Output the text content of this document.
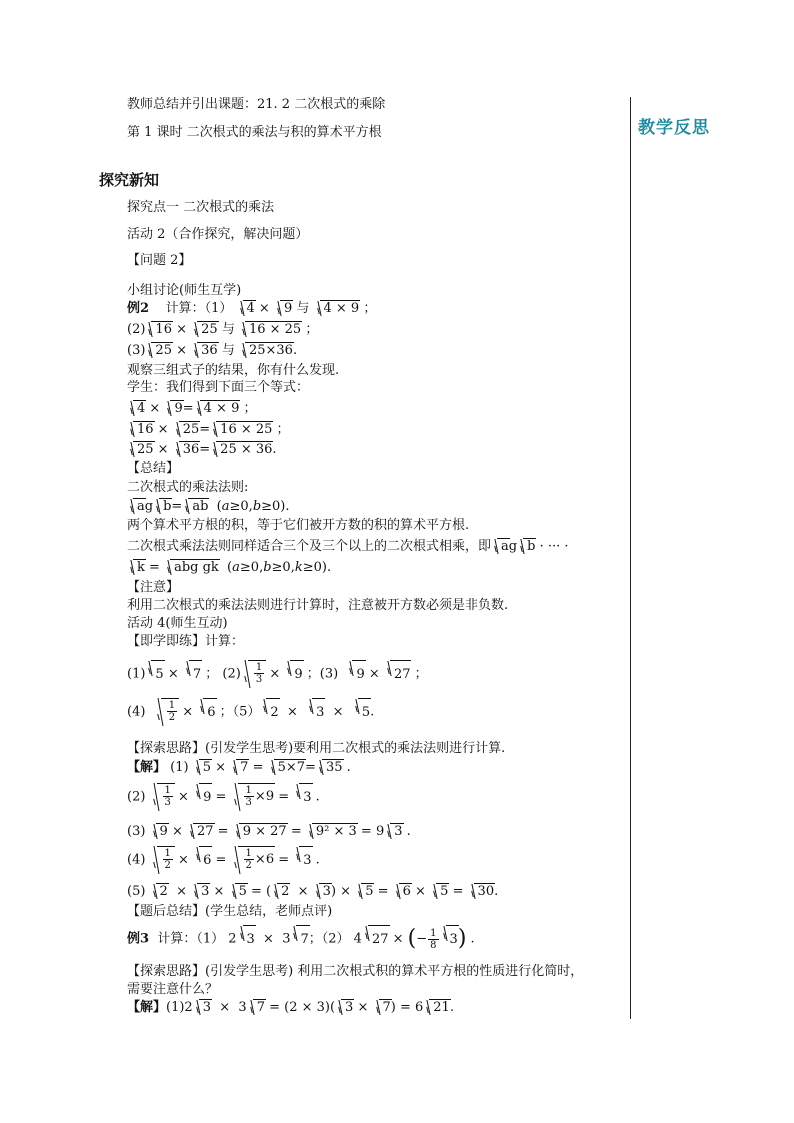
教学反思
教师总结并引出课题：21. 2 二次根式的乘除
第 1 课时 二次根式的乘法与积的算术平方根
探究新知
探究点一 二次根式的乘法
活动 2（合作探究，解决问题）
【问题 2】
小组讨论(师生互学)
例2 计算：（1） 4 ×
9 与
4 × 9 ；
(2) 16 ×
25 与
16 × 25 ；
(3) 25 ×
36 与
25×36.
观察三组式子的结果，你有什么发现.
学生：我们得到下面三个等式：
4 ×
9= 4 × 9 ；
16 ×
25= 16 × 25 ；
25 ×
36= 25 × 36.
【总结】
二次根式的乘法法则:
ag b= ab  (a≥0,b≥0).
两个算术平方根的积，等于它们被开方数的积的算术平方根.
二次根式乘法法则同样适合三个及三个以上的二次根式相乘，即 ag b · ··· ·
k =
abg gk  (a≥0,b≥0,k≥0).
【注意】
利用二次根式的乘法法则进行计算时，注意被开方数必须是非负数.
活动 4(师生互动)
【即学即练】计算：
(1) 5 ×
7 ； $(2) \frac{1}{3}$ ×
9 ；(3)
9 ×
27 ；
$(4) \frac{1}{2}$ ×
6 ；（5） 2  ×
3  ×
5.
【探索思路】(引发学生思考)要利用二次根式的乘法法则进行计算.
【解】 (1)
5 ×
7 =
5×7= 35 .
$(2) \frac{1}{3}$ ×
$9 = \frac{1}{3} \times 9$ =
3 .
(3)
9 ×
27 =
9 × 27 =
9² × 3 = 9 3 .
$(4) \frac{1}{2}$ ×
$6 = \frac{1}{2} \times 6$ =
3 .
(5)
2  ×
3 ×
5 = ( 2  ×
3) ×
5 =
6 ×
5 =
30.
【题后总结】(学生总结，老师点评)
例3 计算：（1） 2 3  ×  3 7；（2） 4 27 × (− $\frac{1}{8} 3$) .
【探索思路】(引发学生思考) 利用二次根式积的算术平方根的性质进行化简时，
需要注意什么？
【解】(1)2 3  ×  3 7 = (2 × 3)( 3 ×
7) = 6 21.
